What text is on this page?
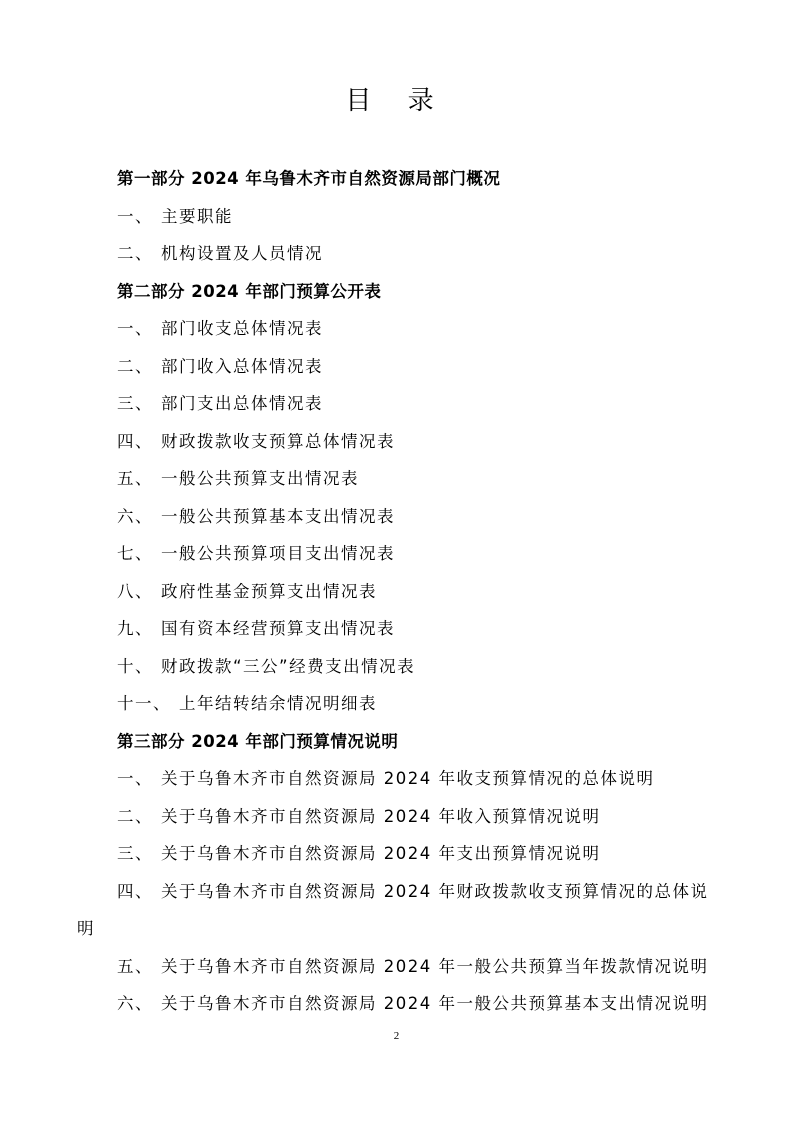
目 录
第一部分 2024 年乌鲁木齐市自然资源局部门概况
一、 主要职能
二、 机构设置及人员情况
第二部分 2024 年部门预算公开表
一、 部门收支总体情况表
二、 部门收入总体情况表
三、 部门支出总体情况表
四、 财政拨款收支预算总体情况表
五、 一般公共预算支出情况表
六、 一般公共预算基本支出情况表
七、 一般公共预算项目支出情况表
八、 政府性基金预算支出情况表
九、 国有资本经营预算支出情况表
十、 财政拨款“三公”经费支出情况表
十一、 上年结转结余情况明细表
第三部分 2024 年部门预算情况说明
一、 关于乌鲁木齐市自然资源局 2024 年收支预算情况的总体说明
二、 关于乌鲁木齐市自然资源局 2024 年收入预算情况说明
三、 关于乌鲁木齐市自然资源局 2024 年支出预算情况说明
四、 关于乌鲁木齐市自然资源局 2024 年财政拨款收支预算情况的总体说
明
五、 关于乌鲁木齐市自然资源局 2024 年一般公共预算当年拨款情况说明
六、 关于乌鲁木齐市自然资源局 2024 年一般公共预算基本支出情况说明
2
